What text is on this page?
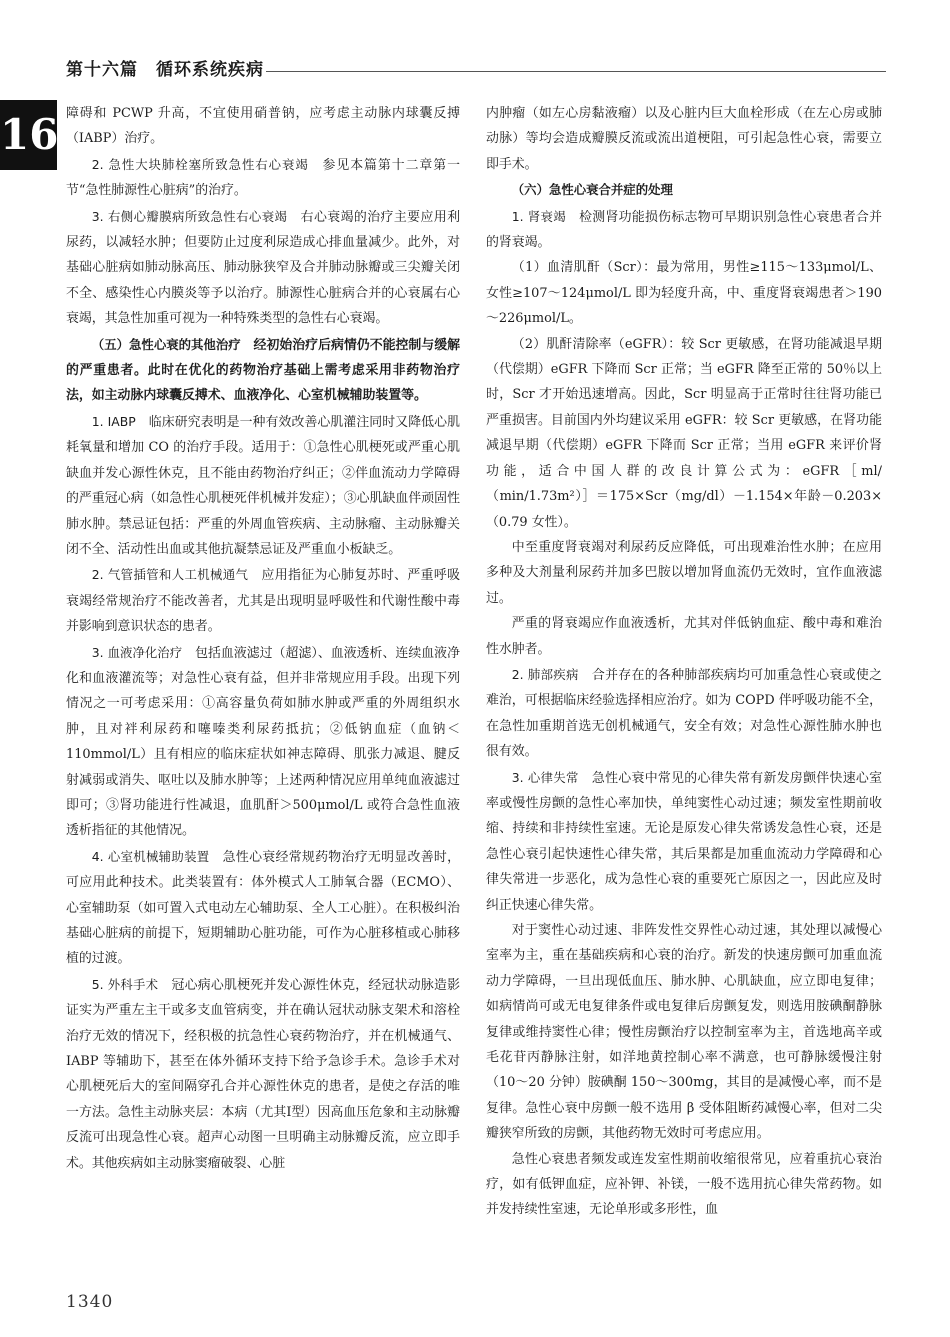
第十六篇　循环系统疾病
16 障碍和 PCWP 升高，不宜使用硝普钠，应考虑主动脉内球囊反搏（IABP）治疗。

2. 急性大块肺栓塞所致急性右心衰竭　参见本篇第十二章第一节“急性肺源性心脏病”的治疗。

3. 右侧心瓣膜病所致急性右心衰竭　右心衰竭的治疗主要应用利尿药，以减轻水肿；但要防止过度利尿造成心排血量减少。此外，对基础心脏病如肺动脉高压、肺动脉狭窄及合并肺动脉瓣或三尖瓣关闭不全、感染性心内膜炎等予以治疗。肺源性心脏病合并的心衰属右心衰竭，其急性加重可视为一种特殊类型的急性右心衰竭。

（五）急性心衰的其他治疗　经初始治疗后病情仍不能控制与缓解的严重患者。此时在优化的药物治疗基础上需考虑采用非药物治疗法，如主动脉内球囊反搏术、血液净化、心室机械辅助装置等。

1. IABP　临床研究表明是一种有效改善心肌灌注同时又降低心肌耗氧量和增加 CO 的治疗手段。适用于：①急性心肌梗死或严重心肌缺血并发心源性休克，且不能由药物治疗纠正；②伴血流动力学障碍的严重冠心病（如急性心肌梗死伴机械并发症）；③心肌缺血伴顽固性肺水肿。禁忌证包括：严重的外周血管疾病、主动脉瘤、主动脉瓣关闭不全、活动性出血或其他抗凝禁忌证及严重血小板缺乏。

2. 气管插管和人工机械通气　应用指征为心肺复苏时、严重呼吸衰竭经常规治疗不能改善者，尤其是出现明显呼吸性和代谢性酸中毒并影响到意识状态的患者。

3. 血液净化治疗　包括血液滤过（超滤）、血液透析、连续血液净化和血液灌流等；对急性心衰有益，但并非常规应用手段。出现下列情况之一可考虑采用：①高容量负荷如肺水肿或严重的外周组织水肿，且对袢利尿药和噻嗪类利尿药抵抗；②低钠血症（血钠＜110mmol/L）且有相应的临床症状如神志障碍、肌张力减退、腱反射减弱或消失、呕吐以及肺水肿等；上述两种情况应用单纯血液滤过即可；③肾功能进行性减退，血肌酐＞500μmol/L 或符合急性血液透析指征的其他情况。

4. 心室机械辅助装置　急性心衰经常规药物治疗无明显改善时，可应用此种技术。此类装置有：体外模式人工肺氧合器（ECMO）、心室辅助泵（如可置入式电动左心辅助泵、全人工心脏）。在积极纠治基础心脏病的前提下，短期辅助心脏功能，可作为心脏移植或心肺移植的过渡。

5. 外科手术　冠心病心肌梗死并发心源性休克，经冠状动脉造影证实为严重左主干或多支血管病变，并在确认冠状动脉支架术和溶栓治疗无效的情况下，经积极的抗急性心衰药物治疗，并在机械通气、IABP 等辅助下，甚至在体外循环支持下给予急诊手术。急诊手术对心肌梗死后大的室间隔穿孔合并心源性休克的患者，是使之存活的唯一方法。急性主动脉夹层：本病（尤其Ⅰ型）因高血压危象和主动脉瓣反流可出现急性心衰。超声心动图一旦明确主动脉瓣反流，应立即手术。其他疾病如主动脉窦瘤破裂、心脏

内肿瘤（如左心房黏液瘤）以及心脏内巨大血栓形成（在左心房或肺动脉）等均会造成瓣膜反流或流出道梗阻，可引起急性心衰，需要立即手术。

（六）急性心衰合并症的处理

1. 肾衰竭　检测肾功能损伤标志物可早期识别急性心衰患者合并的肾衰竭。

（1）血清肌酐（Scr）：最为常用，男性≥115～133μmol/L、女性≥107～124μmol/L 即为轻度升高，中、重度肾衰竭患者＞190～226μmol/L。

（2）肌酐清除率（eGFR）：较 Scr 更敏感，在肾功能减退早期（代偿期）eGFR 下降而 Scr 正常；当 eGFR 降至正常的 50％以上时，Scr 才开始迅速增高。因此，Scr 明显高于正常时往往肾功能已严重损害。目前国内外均建议采用 eGFR：较 Scr 更敏感，在肾功能减退早期（代偿期）eGFR 下降而 Scr 正常；当用 eGFR 来评价肾功能，适合中国人群的改良计算公式为：eGFR［ml/（min/1.73m²）］＝175×Scr（mg/dl）－1.154×年龄－0.203×（0.79 女性）。

中至重度肾衰竭对利尿药反应降低，可出现难治性水肿；在应用多种及大剂量利尿药并加多巴胺以增加肾血流仍无效时，宜作血液滤过。

严重的肾衰竭应作血液透析，尤其对伴低钠血症、酸中毒和难治性水肿者。

2. 肺部疾病　合并存在的各种肺部疾病均可加重急性心衰或使之难治，可根据临床经验选择相应治疗。如为 COPD 伴呼吸功能不全，在急性加重期首选无创机械通气，安全有效；对急性心源性肺水肿也很有效。

3. 心律失常　急性心衰中常见的心律失常有新发房颤伴快速心室率或慢性房颤的急性心率加快，单纯窦性心动过速；频发室性期前收缩、持续和非持续性室速。无论是原发心律失常诱发急性心衰，还是急性心衰引起快速性心律失常，其后果都是加重血流动力学障碍和心律失常进一步恶化，成为急性心衰的重要死亡原因之一，因此应及时纠正快速心律失常。

对于窦性心动过速、非阵发性交界性心动过速，其处理以减慢心室率为主，重在基础疾病和心衰的治疗。新发的快速房颤可加重血流动力学障碍，一旦出现低血压、肺水肿、心肌缺血，应立即电复律；如病情尚可或无电复律条件或电复律后房颤复发，则选用胺碘酮静脉复律或维持窦性心律；慢性房颤治疗以控制室率为主，首选地高辛或毛花苷丙静脉注射，如洋地黄控制心率不满意，也可静脉缓慢注射（10～20 分钟）胺碘酮 150～300mg，其目的是减慢心率，而不是复律。急性心衰中房颤一般不选用 β 受体阻断药减慢心率，但对二尖瓣狭窄所致的房颤，其他药物无效时可考虑应用。

急性心衰患者频发或连发室性期前收缩很常见，应着重抗心衰治疗，如有低钾血症，应补钾、补镁，一般不选用抗心律失常药物。如并发持续性室速，无论单形或多形性，血

1340
